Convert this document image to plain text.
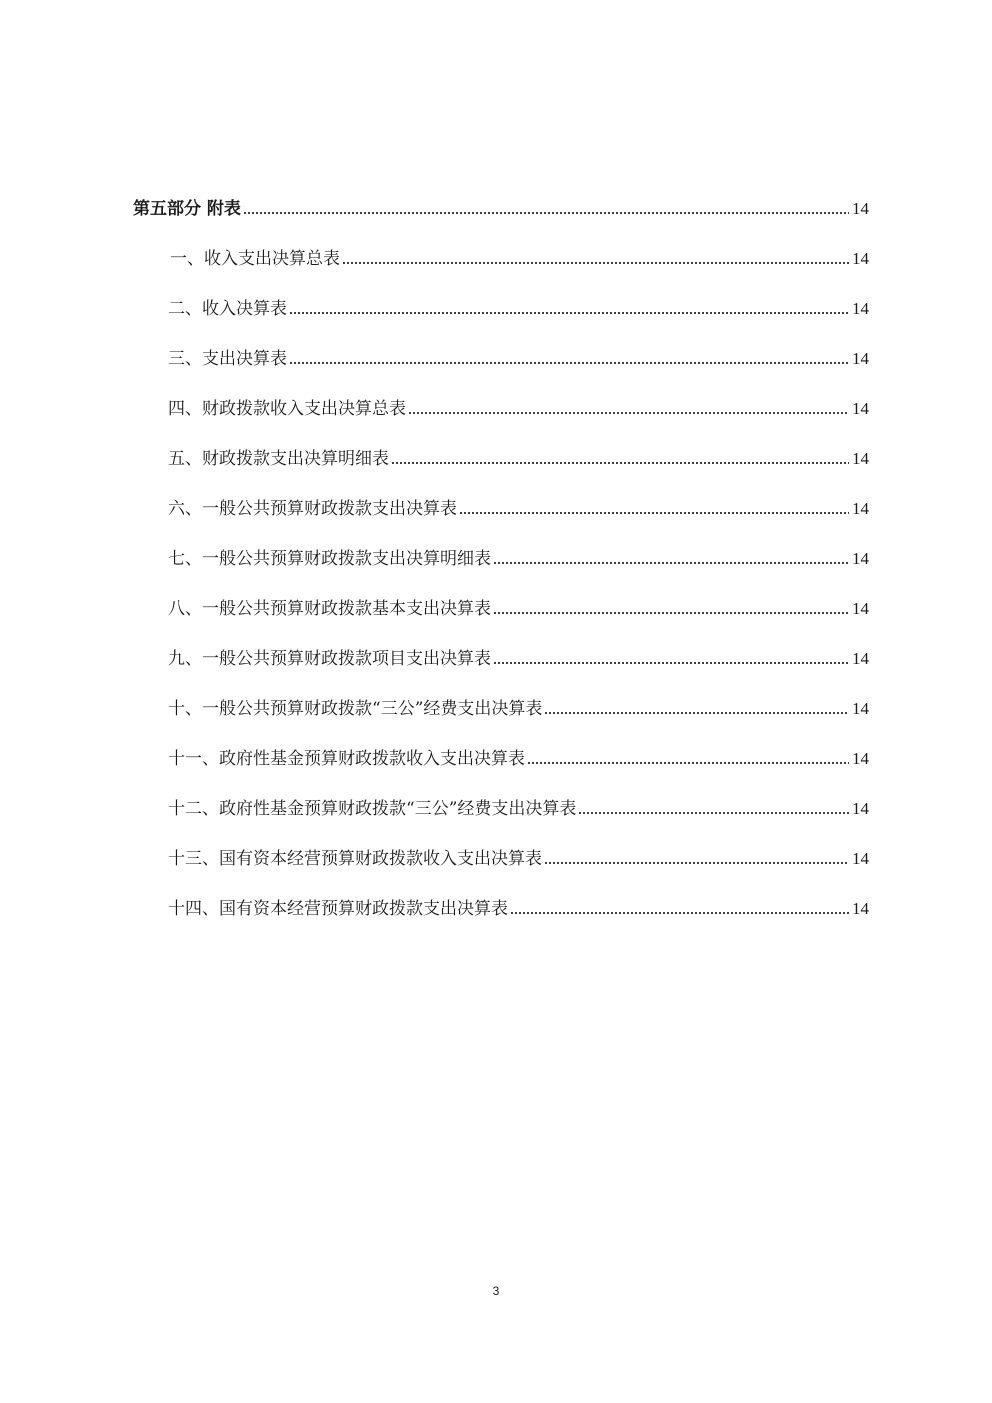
第五部分 附表	14
一、收入支出决算总表	14
二、收入决算表	14
三、支出决算表	14
四、财政拨款收入支出决算总表	14
五、财政拨款支出决算明细表	14
六、一般公共预算财政拨款支出决算表	14
七、一般公共预算财政拨款支出决算明细表	14
八、一般公共预算财政拨款基本支出决算表	14
九、一般公共预算财政拨款项目支出决算表	14
十、一般公共预算财政拨款“三公”经费支出决算表	14
十一、政府性基金预算财政拨款收入支出决算表	14
十二、政府性基金预算财政拨款“三公”经费支出决算表	14
十三、国有资本经营预算财政拨款收入支出决算表	14
十四、国有资本经营预算财政拨款支出决算表	14
3
